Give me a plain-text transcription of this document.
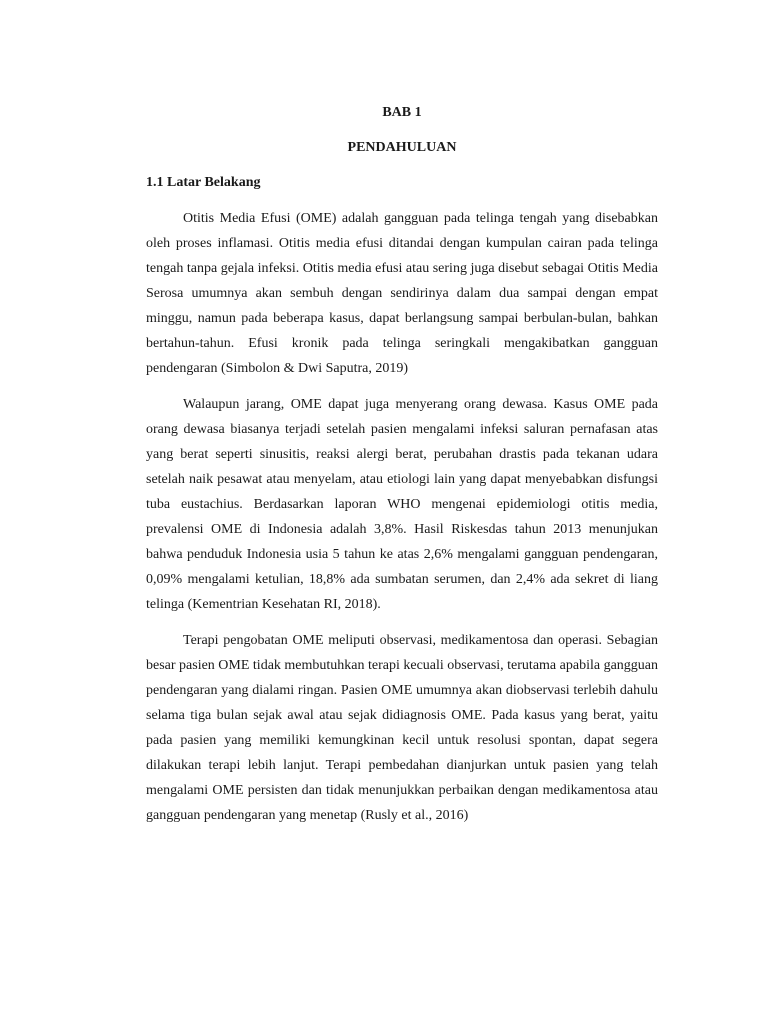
BAB 1

PENDAHULUAN

1.1 Latar Belakang

Otitis Media Efusi (OME) adalah gangguan pada telinga tengah yang disebabkan oleh proses inflamasi. Otitis media efusi ditandai dengan kumpulan cairan pada telinga tengah tanpa gejala infeksi. Otitis media efusi atau sering juga disebut sebagai Otitis Media Serosa umumnya akan sembuh dengan sendirinya dalam dua sampai dengan empat minggu, namun pada beberapa kasus, dapat berlangsung sampai berbulan-bulan, bahkan bertahun-tahun. Efusi kronik pada telinga seringkali mengakibatkan gangguan pendengaran (Simbolon & Dwi Saputra, 2019)

Walaupun jarang, OME dapat juga menyerang orang dewasa. Kasus OME pada orang dewasa biasanya terjadi setelah pasien mengalami infeksi saluran pernafasan atas yang berat seperti sinusitis, reaksi alergi berat, perubahan drastis pada tekanan udara setelah naik pesawat atau menyelam, atau etiologi lain yang dapat menyebabkan disfungsi tuba eustachius. Berdasarkan laporan WHO mengenai epidemiologi otitis media, prevalensi OME di Indonesia adalah 3,8%. Hasil Riskesdas tahun 2013 menunjukan bahwa penduduk Indonesia usia 5 tahun ke atas 2,6% mengalami gangguan pendengaran, 0,09% mengalami ketulian, 18,8% ada sumbatan serumen, dan 2,4% ada sekret di liang telinga (Kementrian Kesehatan RI, 2018).

Terapi pengobatan OME meliputi observasi, medikamentosa dan operasi. Sebagian besar pasien OME tidak membutuhkan terapi kecuali observasi, terutama apabila gangguan pendengaran yang dialami ringan. Pasien OME umumnya akan diobservasi terlebih dahulu selama tiga bulan sejak awal atau sejak didiagnosis OME. Pada kasus yang berat, yaitu pada pasien yang memiliki kemungkinan kecil untuk resolusi spontan, dapat segera dilakukan terapi lebih lanjut. Terapi pembedahan dianjurkan untuk pasien yang telah mengalami OME persisten dan tidak menunjukkan perbaikan dengan medikamentosa atau gangguan pendengaran yang menetap (Rusly et al., 2016)
